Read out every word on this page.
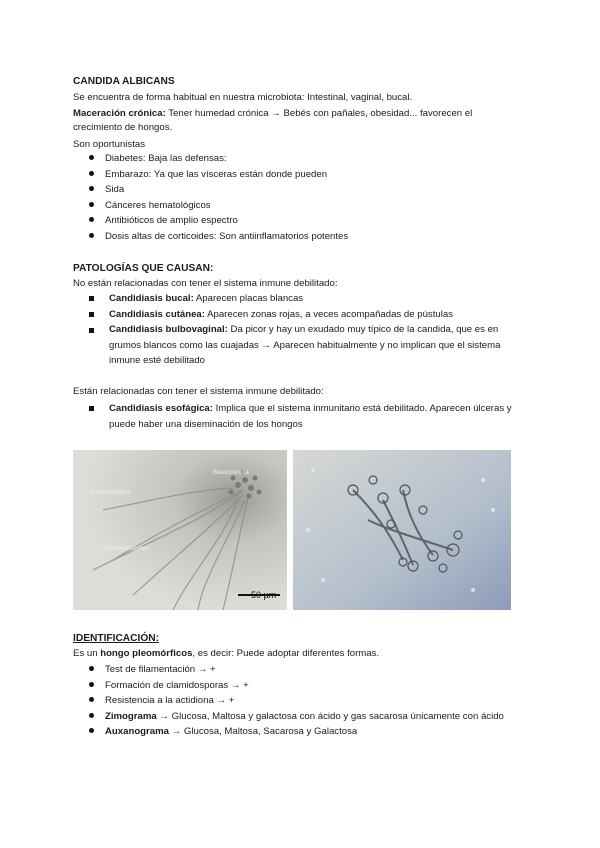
CANDIDA ALBICANS
Se encuentra de forma habitual en nuestra microbiota: Intestinal, vaginal, bucal.
Maceración crónica: Tener humedad crónica → Bebés con pañales, obesidad... favorecen el
crecimiento de hongos.
Son oportunistas
Diabetes: Baja las defensas:
Embarazo: Ya que las vísceras están donde pueden
Sida
Cánceres hematológicos
Antibióticos de amplio espectro
Dosis altas de corticoides: Son antiinflamatorios potentes
PATOLOGÍAS QUE CAUSAN:
No están relacionadas con tener el sistema inmune debilitado:
Candidiasis bucal: Aparecen placas blancas
Candidiasis cutánea: Aparecen zonas rojas, a veces acompañadas de pústulas
Candidiasis bulbovaginal: Da picor y hay un exudado muy típico de la candida, que es en grumos blancos como las cuajadas → Aparecen habitualmente y no implican que el sistema inmune esté debilitado
Están relacionadas con tener el sistema inmune debilitado:
Candidiasis esofágica: Implica que el sistema inmunitario está debilitado. Aparecen úlceras y puede haber una diseminación de los hongos
Blastoconidia
Pseudohyphae
Chlamydospores
50 µm
IDENTIFICACIÓN:
Es un hongo pleomórficos, es decir: Puede adoptar diferentes formas.
Test de filamentación → +
Formación de clamidosporas → +
Resistencia a la actidiona → +
Zimograma → Glucosa, Maltosa y galactosa con ácido y gas sacarosa únicamente con ácido
Auxanograma → Glucosa, Maltosa, Sacarosa y Galactosa
